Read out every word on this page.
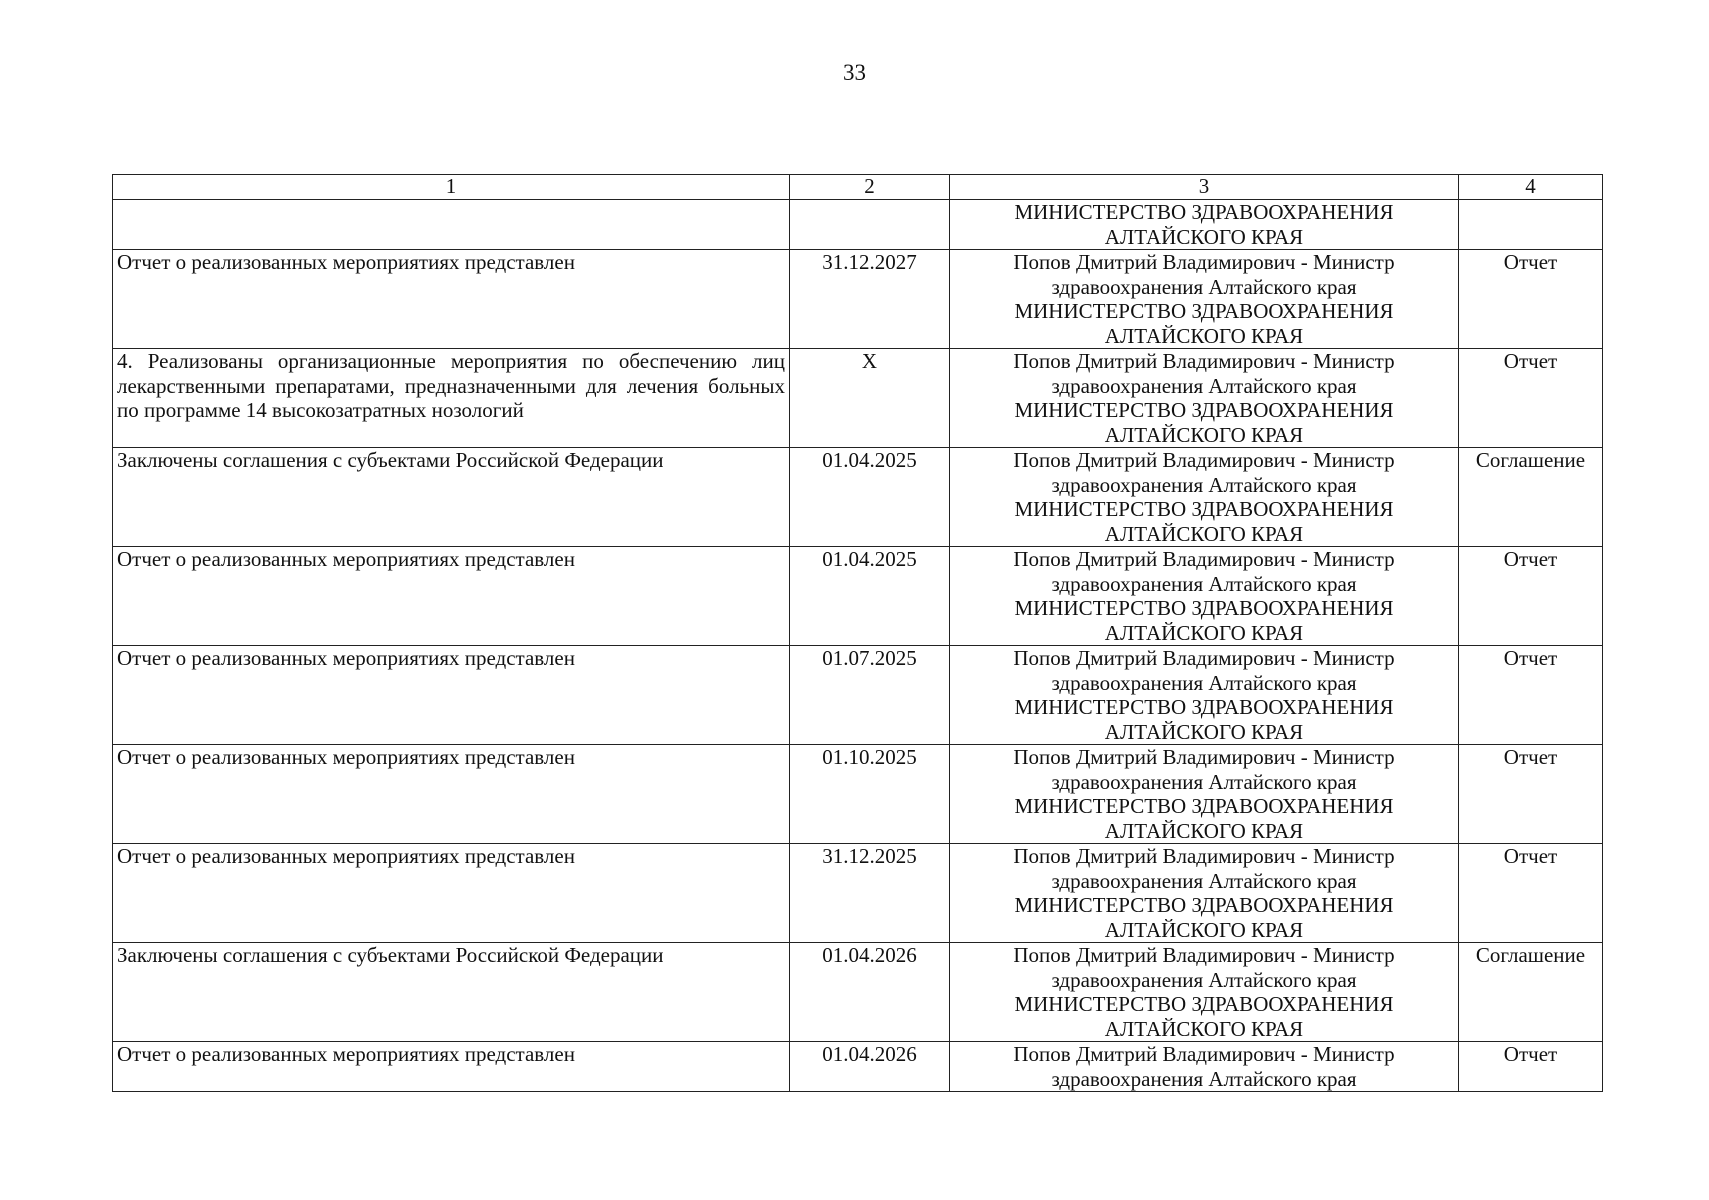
33
1	2	3	4

		МИНИСТЕРСТВО ЗДРАВООХРАНЕНИЯ
АЛТАЙСКОГО КРАЯ	

Отчет о реализованных мероприятиях представлен	31.12.2027	Попов Дмитрий Владимирович - Министр
здравоохранения Алтайского края
МИНИСТЕРСТВО ЗДРАВООХРАНЕНИЯ
АЛТАЙСКОГО КРАЯ	Отчет
4. Реализованы организационные мероприятия по обеспечению лиц лекарственными препаратами, предназначенными для лечения больных по программе 14 высокозатратных нозологий	X	Попов Дмитрий Владимирович - Министр
здравоохранения Алтайского края
МИНИСТЕРСТВО ЗДРАВООХРАНЕНИЯ
АЛТАЙСКОГО КРАЯ	Отчет
Заключены соглашения с субъектами Российской Федерации	01.04.2025	Попов Дмитрий Владимирович - Министр
здравоохранения Алтайского края
МИНИСТЕРСТВО ЗДРАВООХРАНЕНИЯ
АЛТАЙСКОГО КРАЯ	Соглашение
Отчет о реализованных мероприятиях представлен	01.04.2025	Попов Дмитрий Владимирович - Министр
здравоохранения Алтайского края
МИНИСТЕРСТВО ЗДРАВООХРАНЕНИЯ
АЛТАЙСКОГО КРАЯ	Отчет
Отчет о реализованных мероприятиях представлен	01.07.2025	Попов Дмитрий Владимирович - Министр
здравоохранения Алтайского края
МИНИСТЕРСТВО ЗДРАВООХРАНЕНИЯ
АЛТАЙСКОГО КРАЯ	Отчет
Отчет о реализованных мероприятиях представлен	01.10.2025	Попов Дмитрий Владимирович - Министр
здравоохранения Алтайского края
МИНИСТЕРСТВО ЗДРАВООХРАНЕНИЯ
АЛТАЙСКОГО КРАЯ	Отчет
Отчет о реализованных мероприятиях представлен	31.12.2025	Попов Дмитрий Владимирович - Министр
здравоохранения Алтайского края
МИНИСТЕРСТВО ЗДРАВООХРАНЕНИЯ
АЛТАЙСКОГО КРАЯ	Отчет
Заключены соглашения с субъектами Российской Федерации	01.04.2026	Попов Дмитрий Владимирович - Министр
здравоохранения Алтайского края
МИНИСТЕРСТВО ЗДРАВООХРАНЕНИЯ
АЛТАЙСКОГО КРАЯ	Соглашение
Отчет о реализованных мероприятиях представлен	01.04.2026	Попов Дмитрий Владимирович - Министр
здравоохранения Алтайского края	Отчет
